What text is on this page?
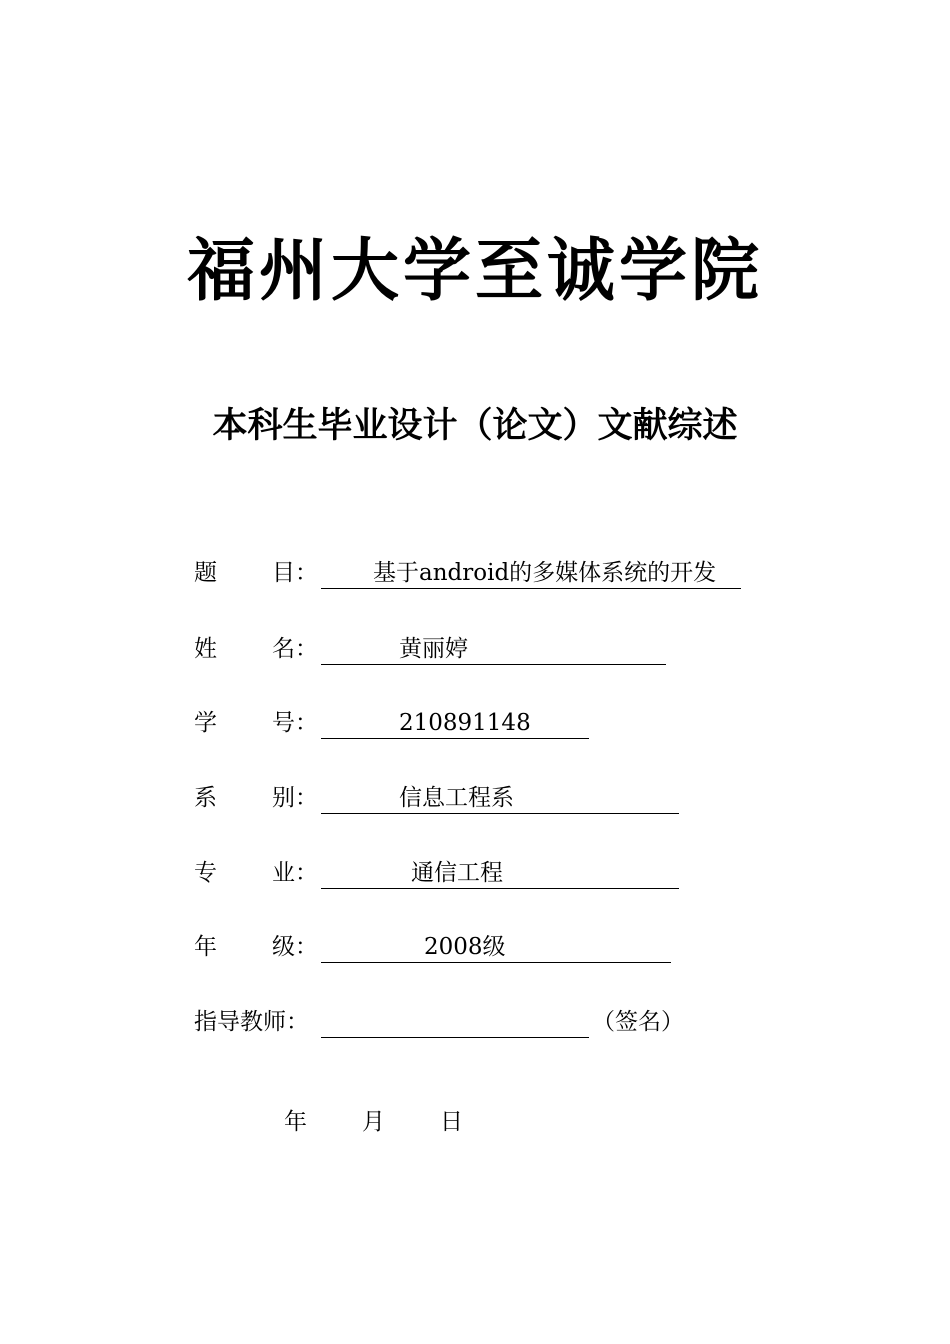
福州大学至诚学院
本科生毕业设计（论文）文献综述
题 目： 基于android的多媒体系统的开发
姓 名：	黄丽婷
学 号：	210891148
系 别：	信息工程系
专 业：	通信工程
年 级：	2008级
指导教师：	（签名）
年 月 日
